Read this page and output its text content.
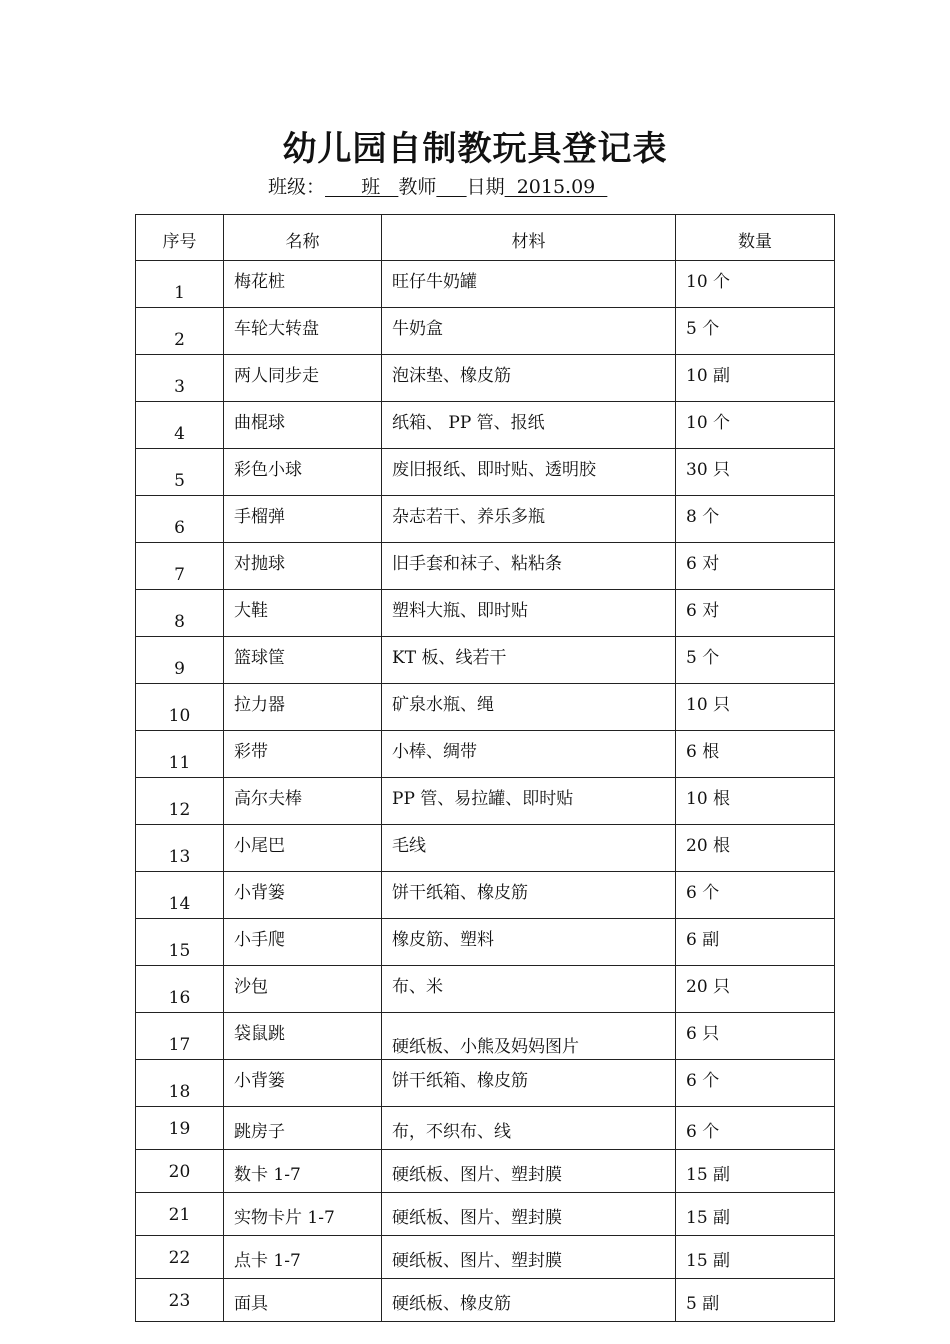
幼儿园自制教玩具登记表
班级：      班   教师 日期  2015.09
序号	名称	材料	数量
1	梅花桩	旺仔牛奶罐	10 个
2	车轮大转盘	牛奶盒	5 个
3	两人同步走	泡沫垫、橡皮筋	10 副
4	曲棍球	纸箱、 PP 管、报纸	10 个
5	彩色小球	废旧报纸、即时贴、透明胶	30 只
6	手榴弹	杂志若干、养乐多瓶	8 个
7	对抛球	旧手套和袜子、粘粘条	6 对
8	大鞋	塑料大瓶、即时贴	6 对
9	篮球筐	KT 板、线若干	5 个
10	拉力器	矿泉水瓶、绳	10 只
11	彩带	小棒、绸带	6 根
12	高尔夫棒	PP 管、易拉罐、即时贴	10 根
13	小尾巴	毛线	20 根
14	小背篓	饼干纸箱、橡皮筋	6 个
15	小手爬	橡皮筋、塑料	6 副
16	沙包	布、米	20 只
17	袋鼠跳	硬纸板、小熊及妈妈图片	6 只
18	小背篓	饼干纸箱、橡皮筋	6 个
19	跳房子	布，不织布、线	6 个
20	数卡 1-7	硬纸板、图片、塑封膜	15 副
21	实物卡片 1-7	硬纸板、图片、塑封膜	15 副
22	点卡 1-7	硬纸板、图片、塑封膜	15 副
23	面具	硬纸板、橡皮筋	5 副
